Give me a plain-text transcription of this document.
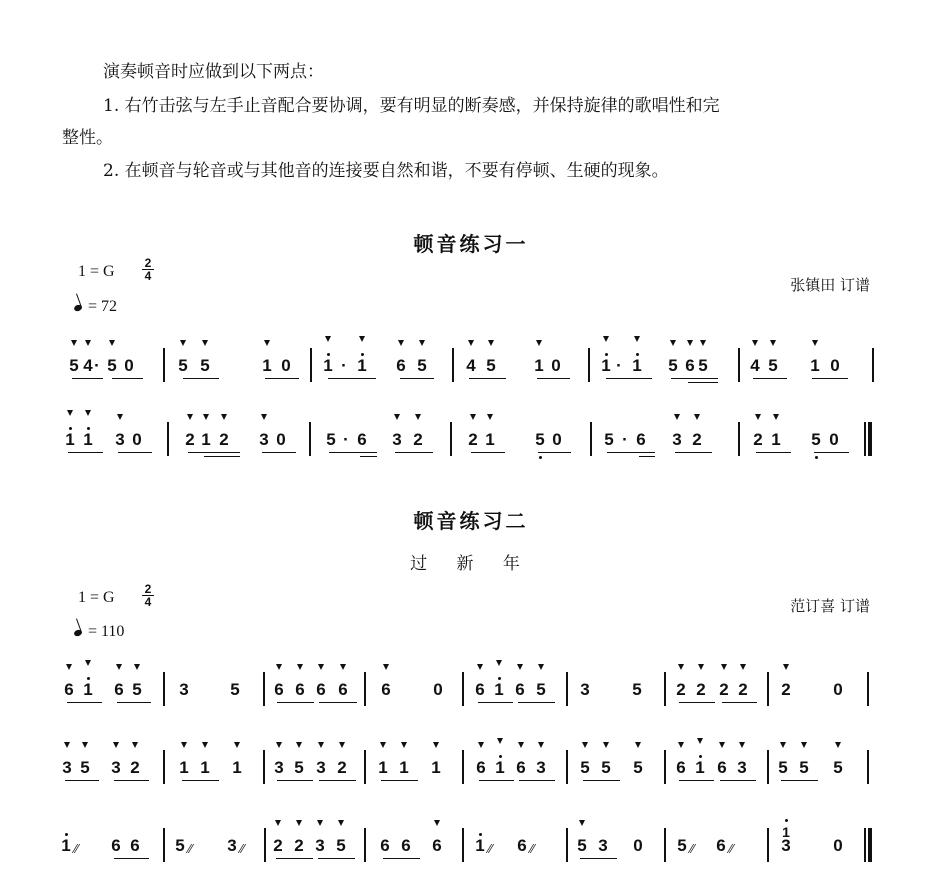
演奏顿音时应做到以下两点：
1. 右竹击弦与左手止音配合要协调，要有明显的断奏感，并保持旋律的歌唱性和完
整性。
2. 在顿音与轮音或与其他音的连接要自然和谐，不要有停顿、生硬的现象。
顿音练习一
1 = G $\frac{2}{4}$
= 72
张镇田 订谱
5 4 5 0	5 5	1 0 1 1 6 5 4 5 1 0 1 1 5 6 5	4 5 1 0
·	·	·
1 1 3 0	2 1 2 3 0 5 6 3 2	2 1 5 0	5 6 3 2	2 1 5 0
·	·
顿音练习二
过 新 年
1 = G $\frac{2}{4}$
= 110
范订喜 订谱
6 1 6 5 3 5 6 6 6 6 6	0 6 1 6 5 3	5 2 2 2 2 2	0
3 5 3 2 1 1 1 3 5 3 2 1 1 1 6 1 6 3 5 5 5 6 1 6 3 5 5 5
1 ⁄⁄ 6 6 5 ⁄⁄ 3 ⁄⁄ 2 2 3 5 6 6 6 1 ⁄⁄ 6 ⁄⁄	5 3 0 5 ⁄⁄ 6 ⁄⁄	3	0
1
